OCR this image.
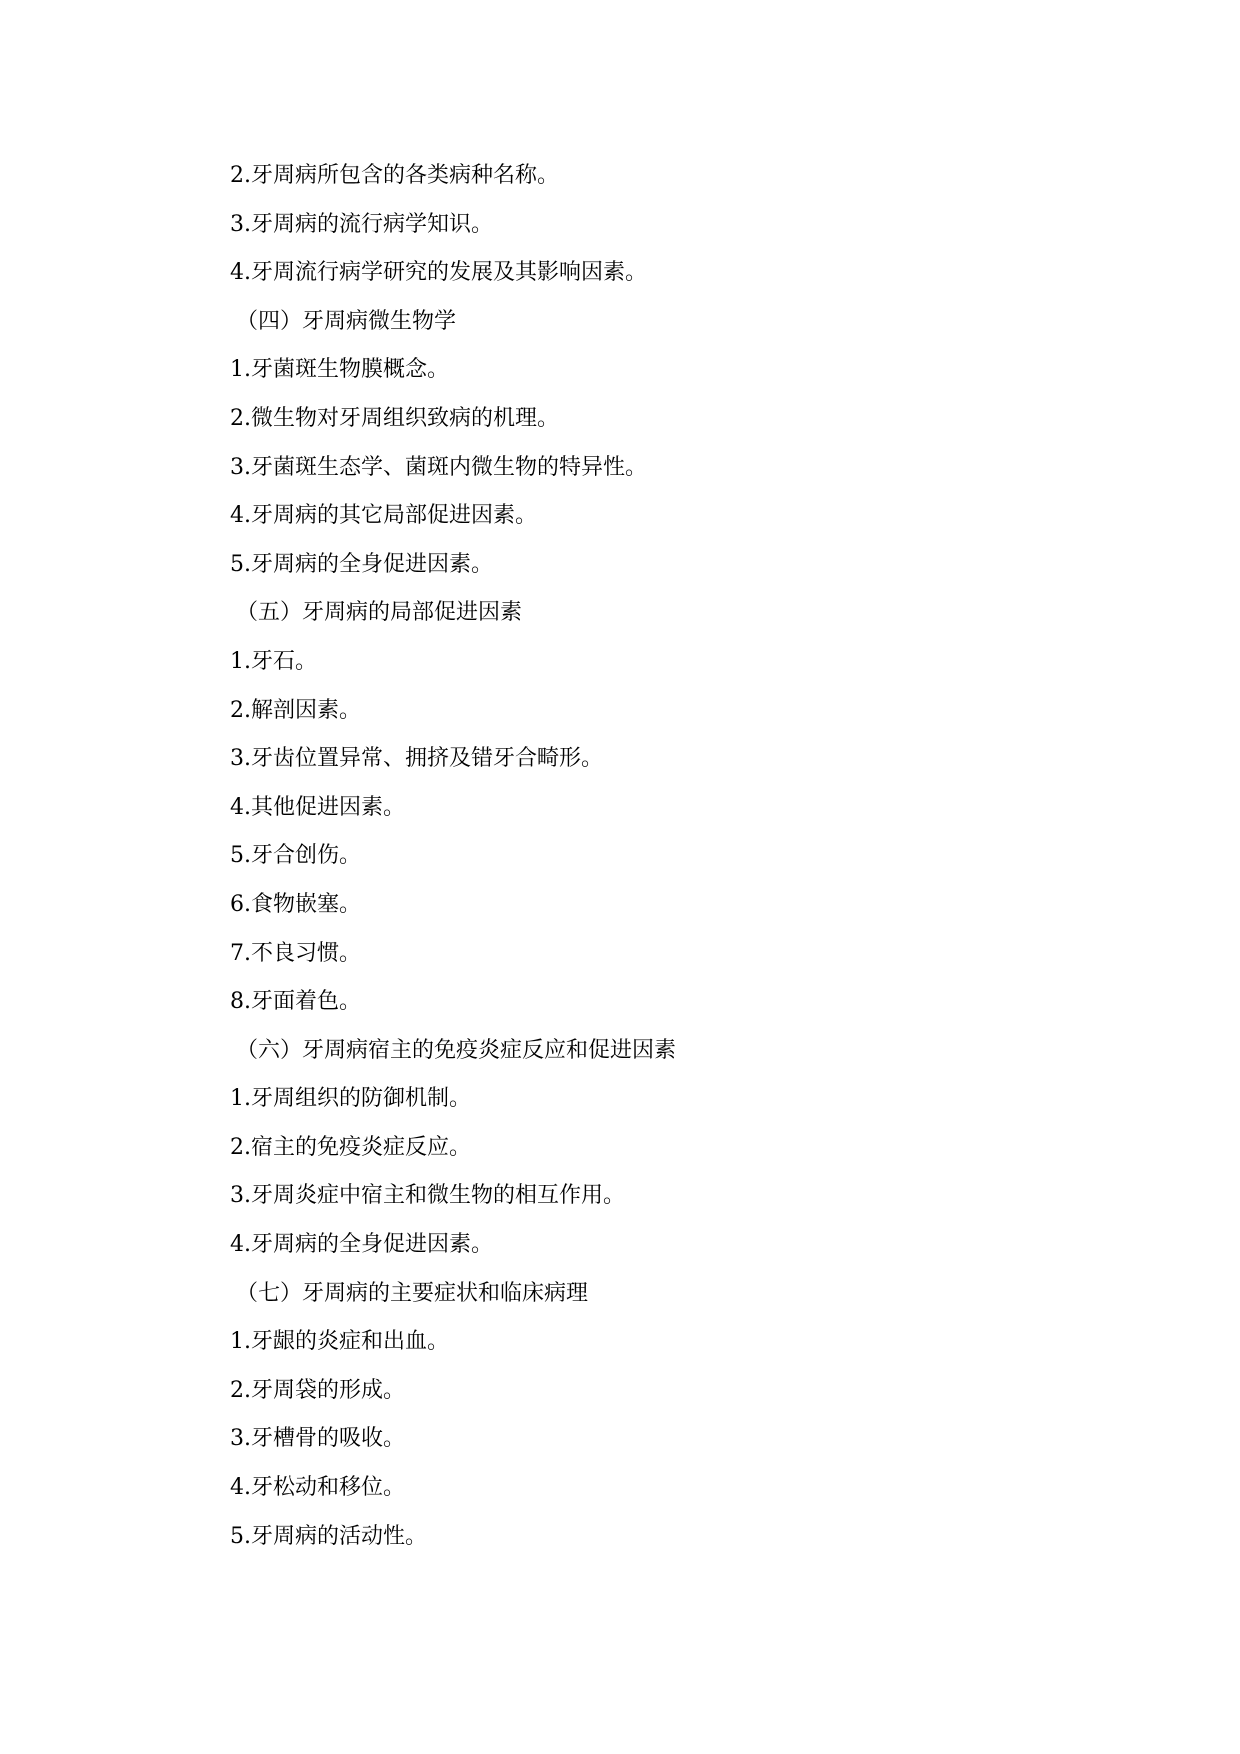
2.牙周病所包含的各类病种名称。
3.牙周病的流行病学知识。
4.牙周流行病学研究的发展及其影响因素。
（四）牙周病微生物学
1.牙菌斑生物膜概念。
2.微生物对牙周组织致病的机理。
3.牙菌斑生态学、菌斑内微生物的特异性。
4.牙周病的其它局部促进因素。
5.牙周病的全身促进因素。
（五）牙周病的局部促进因素
1.牙石。
2.解剖因素。
3.牙齿位置异常、拥挤及错牙合畸形。
4.其他促进因素。
5.牙合创伤。
6.食物嵌塞。
7.不良习惯。
8.牙面着色。
（六）牙周病宿主的免疫炎症反应和促进因素
1.牙周组织的防御机制。
2.宿主的免疫炎症反应。
3.牙周炎症中宿主和微生物的相互作用。
4.牙周病的全身促进因素。
（七）牙周病的主要症状和临床病理
1.牙龈的炎症和出血。
2.牙周袋的形成。
3.牙槽骨的吸收。
4.牙松动和移位。
5.牙周病的活动性。
